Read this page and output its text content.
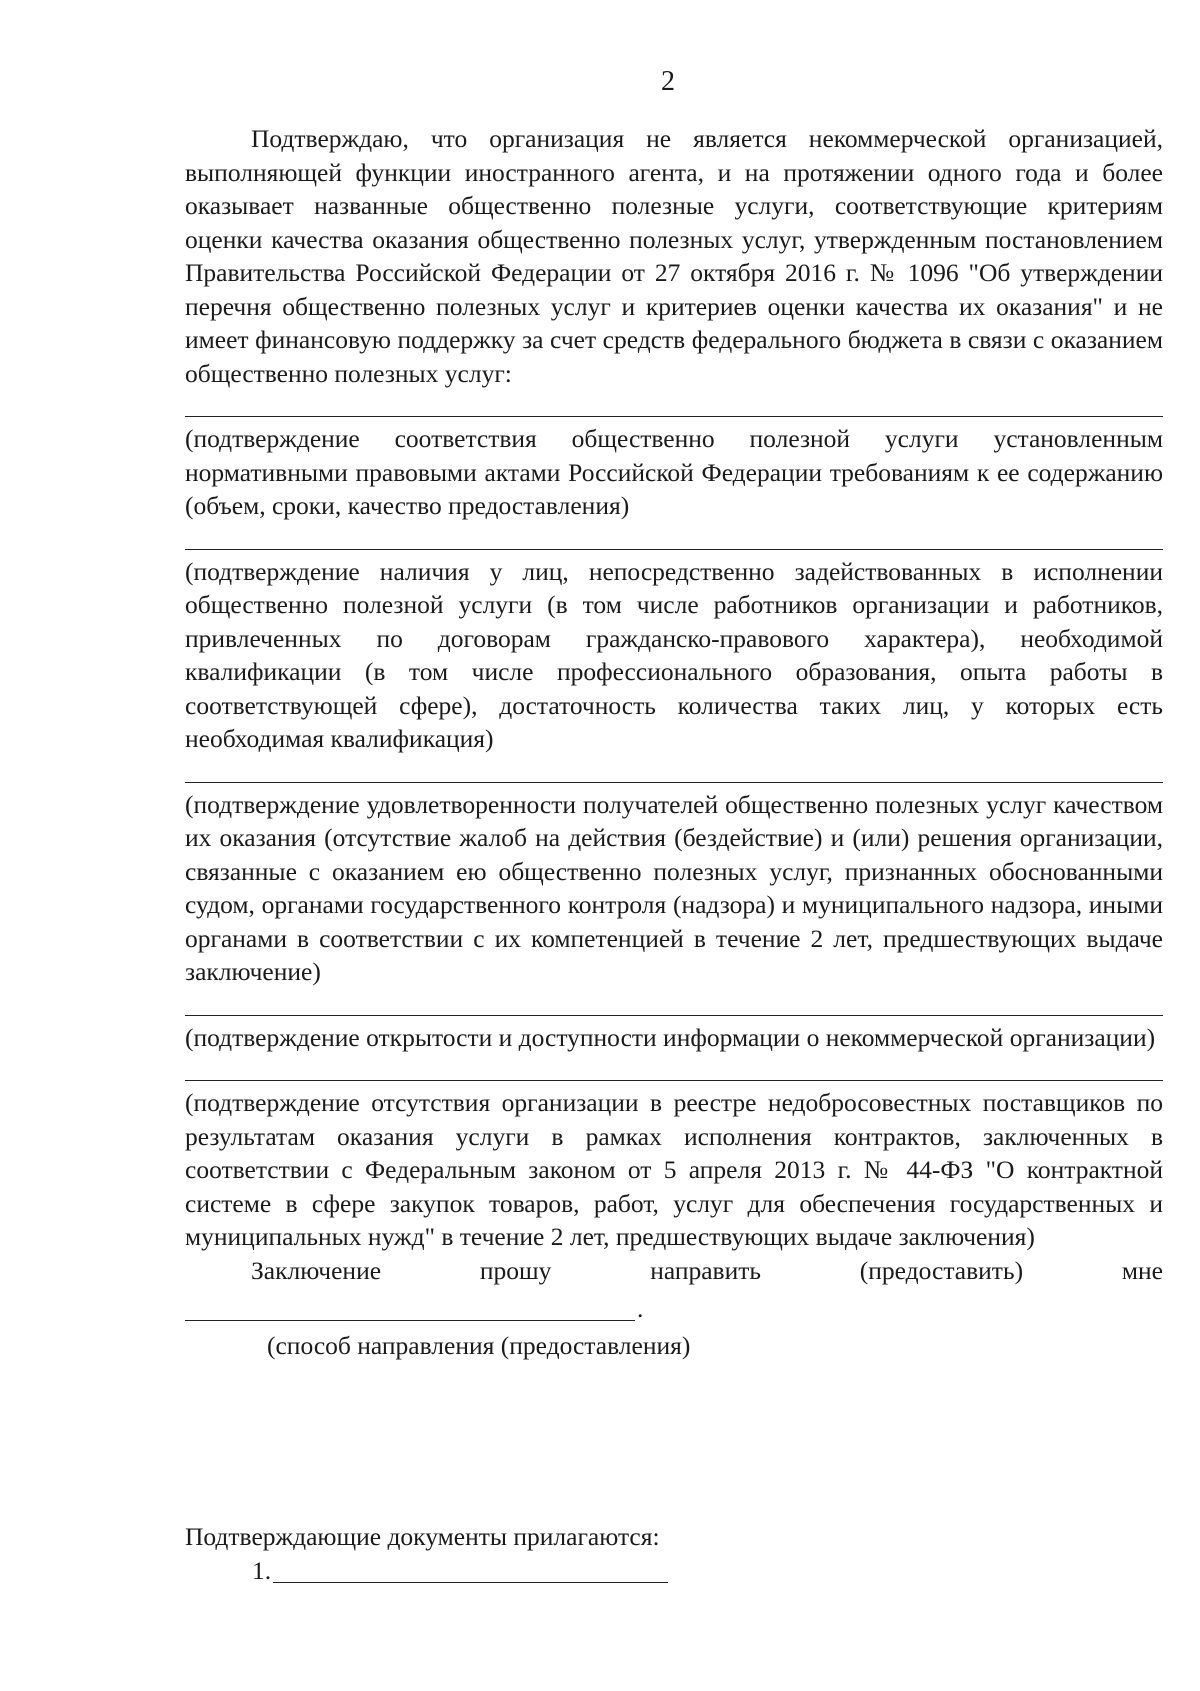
2

Подтверждаю, что организация не является некоммерческой организацией, выполняющей функции иностранного агента, и на протяжении одного года и более оказывает названные общественно полезные услуги, соответствующие критериям оценки качества оказания общественно полезных услуг, утвержденным постановлением Правительства Российской Федерации от 27 октября 2016 г. № 1096 "Об утверждении перечня общественно полезных услуг и критериев оценки качества их оказания" и не имеет финансовую поддержку за счет средств федерального бюджета в связи с оказанием общественно полезных услуг:

(подтверждение соответствия общественно полезной услуги установленным нормативными правовыми актами Российской Федерации требованиям к ее содержанию (объем, сроки, качество предоставления)

(подтверждение наличия у лиц, непосредственно задействованных в исполнении общественно полезной услуги (в том числе работников организации и работников, привлеченных по договорам гражданско-правового характера), необходимой квалификации (в том числе профессионального образования, опыта работы в соответствующей сфере), достаточность количества таких лиц, у которых есть необходимая квалификация)

(подтверждение удовлетворенности получателей общественно полезных услуг качеством их оказания (отсутствие жалоб на действия (бездействие) и (или) решения организации, связанные с оказанием ею общественно полезных услуг, признанных обоснованными судом, органами государственного контроля (надзора) и муниципального надзора, иными органами в соответствии с их компетенцией в течение 2 лет, предшествующих выдаче заключение)

(подтверждение открытости и доступности информации о некоммерческой организации)

(подтверждение отсутствия организации в реестре недобросовестных поставщиков по результатам оказания услуги в рамках исполнения контрактов, заключенных в соответствии с Федеральным законом от 5 апреля 2013 г. № 44-ФЗ "О контрактной системе в сфере закупок товаров, работ, услуг для обеспечения государственных и муниципальных нужд" в течение 2 лет, предшествующих выдаче заключения)

Заключение	прошу	направить	(предоставить)	мне
.

(способ направления (предоставления)

Подтверждающие документы прилагаются:

1.
